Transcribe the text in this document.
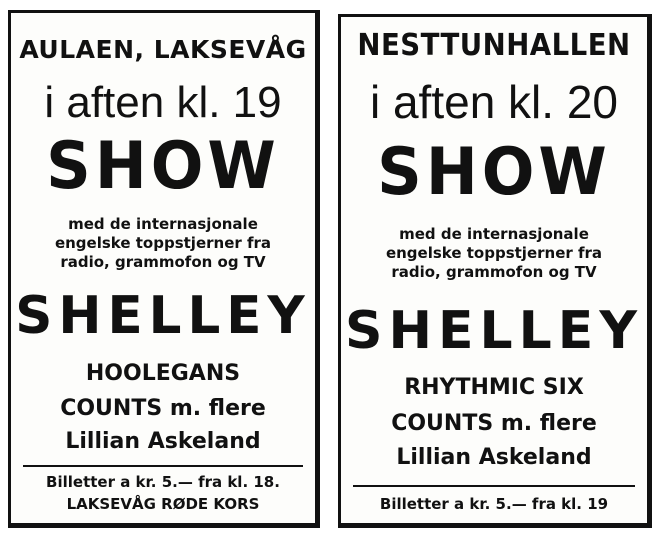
AULAEN, LAKSEVÅG
i aften kl. 19
SHOW
med de internasjonale
engelske toppstjerner fra
radio, grammofon og TV
SHELLEY
HOOLEGANS
COUNTS m. flere
Lillian Askeland
Billetter a kr. 5.— fra kl. 18.
LAKSEVÅG RØDE KORS
NESTTUNHALLEN
i aften kl. 20
SHOW
med de internasjonale
engelske toppstjerner fra
radio, grammofon og TV
SHELLEY
RHYTHMIC SIX
COUNTS m. flere
Lillian Askeland
Billetter a kr. 5.— fra kl. 19
